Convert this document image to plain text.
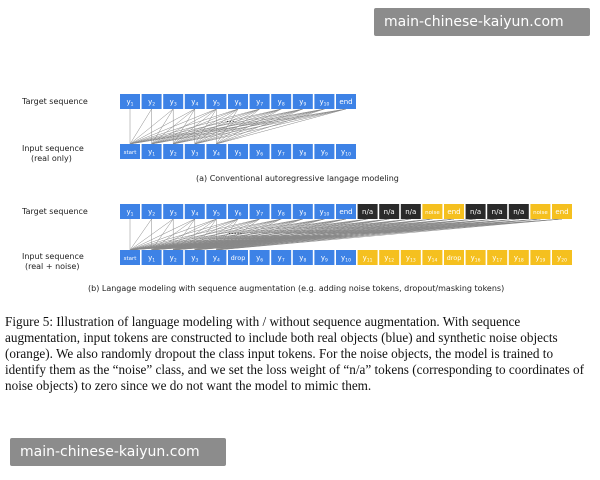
main-chinese-kaiyun.com
Target sequence
Input sequence
(real only)
$y_1$ $y_2$ $y_3$ $y_4$ $y_5$ $y_6$ $y_7$ $y_8$ $y_9$ $y_{10}$ end
start $y_1$ $y_2$ $y_3$ $y_4$ $y_5$ $y_6$ $y_7$ $y_8$ $y_9$ $y_{10}$
...
(a) Conventional autoregressive langage modeling
Target sequence
Input sequence
(real + noise)
$y_1$ $y_2$ $y_3$ $y_4$ $y_5$ $y_6$ $y_7$ $y_8$ $y_9$ $y_{10}$ end n/a n/a n/a noise end n/a n/a n/a noise end
start $y_1$ $y_2$ $y_3$ $y_4$ drop $y_6$ $y_7$ $y_8$ $y_9$ $y_{10}$ $y_{11}$ $y_{12}$ $y_{13}$ $y_{14}$ drop $y_{16}$ $y_{17}$ $y_{18}$ $y_{19}$ $y_{20}$
.....
(b) Langage modeling with sequence augmentation (e.g. adding noise tokens, dropout/masking tokens)

Figure 5: Illustration of language modeling with / without sequence augmentation. With sequence augmentation, input tokens are constructed to include both real objects (blue) and synthetic noise objects (orange). We also randomly dropout the class input tokens. For the noise objects, the model is trained to identify them as the “noise” class, and we set the loss weight of “n/a” tokens (corresponding to coordinates of noise objects) to zero since we do not want the model to mimic them.

main-chinese-kaiyun.com
